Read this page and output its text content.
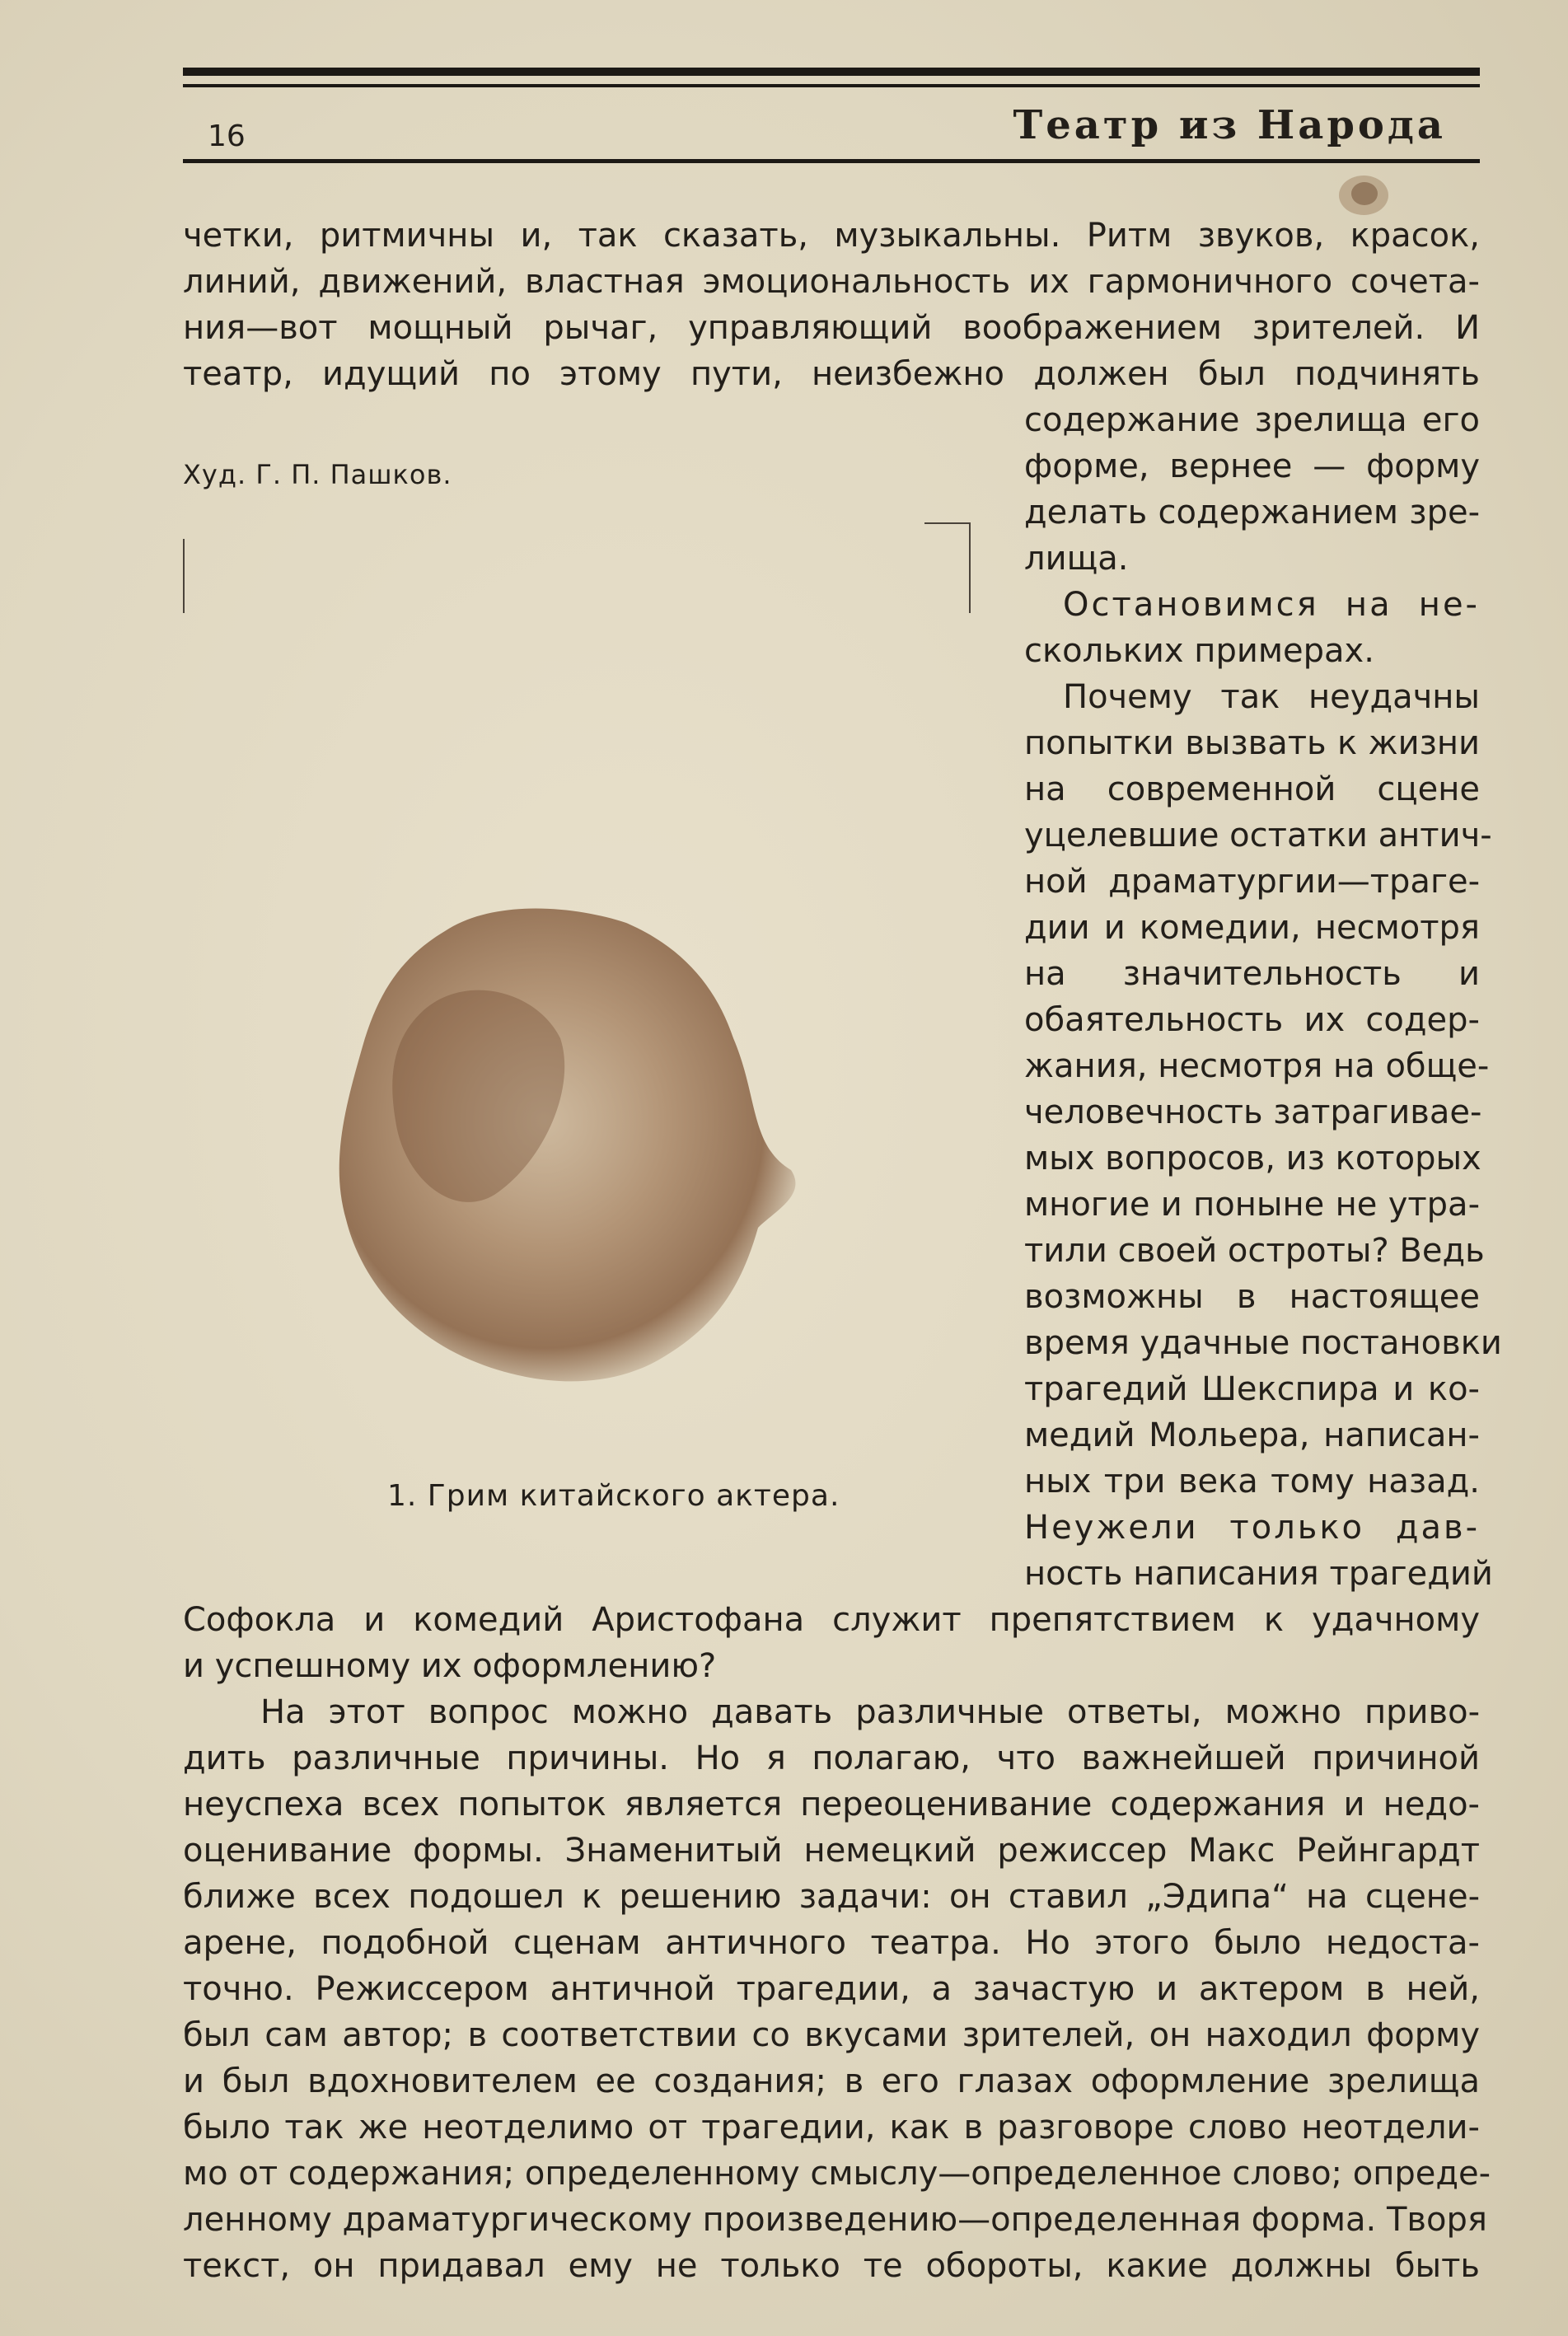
16	Театр из Народа
Худ. Г. П. Пашков.
1. Грим китайского актера.
четки, ритмичны и, так сказать, музыкальны. Ритм звуков, красок,
линий, движений, властная эмоциональность их гармоничного сочета-
ния—вот мощный рычаг, управляющий воображением зрителей. И
театр, идущий по этому пути, неизбежно должен был подчинять
содержание зрелища его
форме, вернее — форму
делать содержанием зре-
лища.
Остановимся на не-
скольких примерах.
Почему так неудачны
попытки вызвать к жизни
на современной сцене
уцелевшие остатки антич-
ной драматургии—траге-
дии и комедии, несмотря
на значительность и
обаятельность их содер-
жания, несмотря на обще-
человечность затрагивае-
мых вопросов, из которых
многие и поныне не утра-
тили своей остроты? Ведь
возможны в настоящее
время удачные постановки
трагедий Шекспира и ко-
медий Мольера, написан-
ных три века тому назад.
Неужели только дав-
ность написания трагедий
Софокла и комедий Аристофана служит препятствием к удачному
и успешному их оформлению?
На этот вопрос можно давать различные ответы, можно приво-
дить различные причины. Но я полагаю, что важнейшей причиной
неуспеха всех попыток является переоценивание содержания и недо-
оценивание формы. Знаменитый немецкий режиссер Макс Рейнгардт
ближе всех подошел к решению задачи: он ставил „Эдипа“ на сцене-
арене, подобной сценам античного театра. Но этого было недоста-
точно. Режиссером античной трагедии, а зачастую и актером в ней,
был сам автор; в соответствии со вкусами зрителей, он находил форму
и был вдохновителем ее создания; в его глазах оформление зрелища
было так же неотделимо от трагедии, как в разговоре слово неотдели-
мо от содержания; определенному смыслу—определенное слово; опреде-
ленному драматургическому произведению—определенная форма. Творя
текст, он придавал ему не только те обороты, какие должны быть
